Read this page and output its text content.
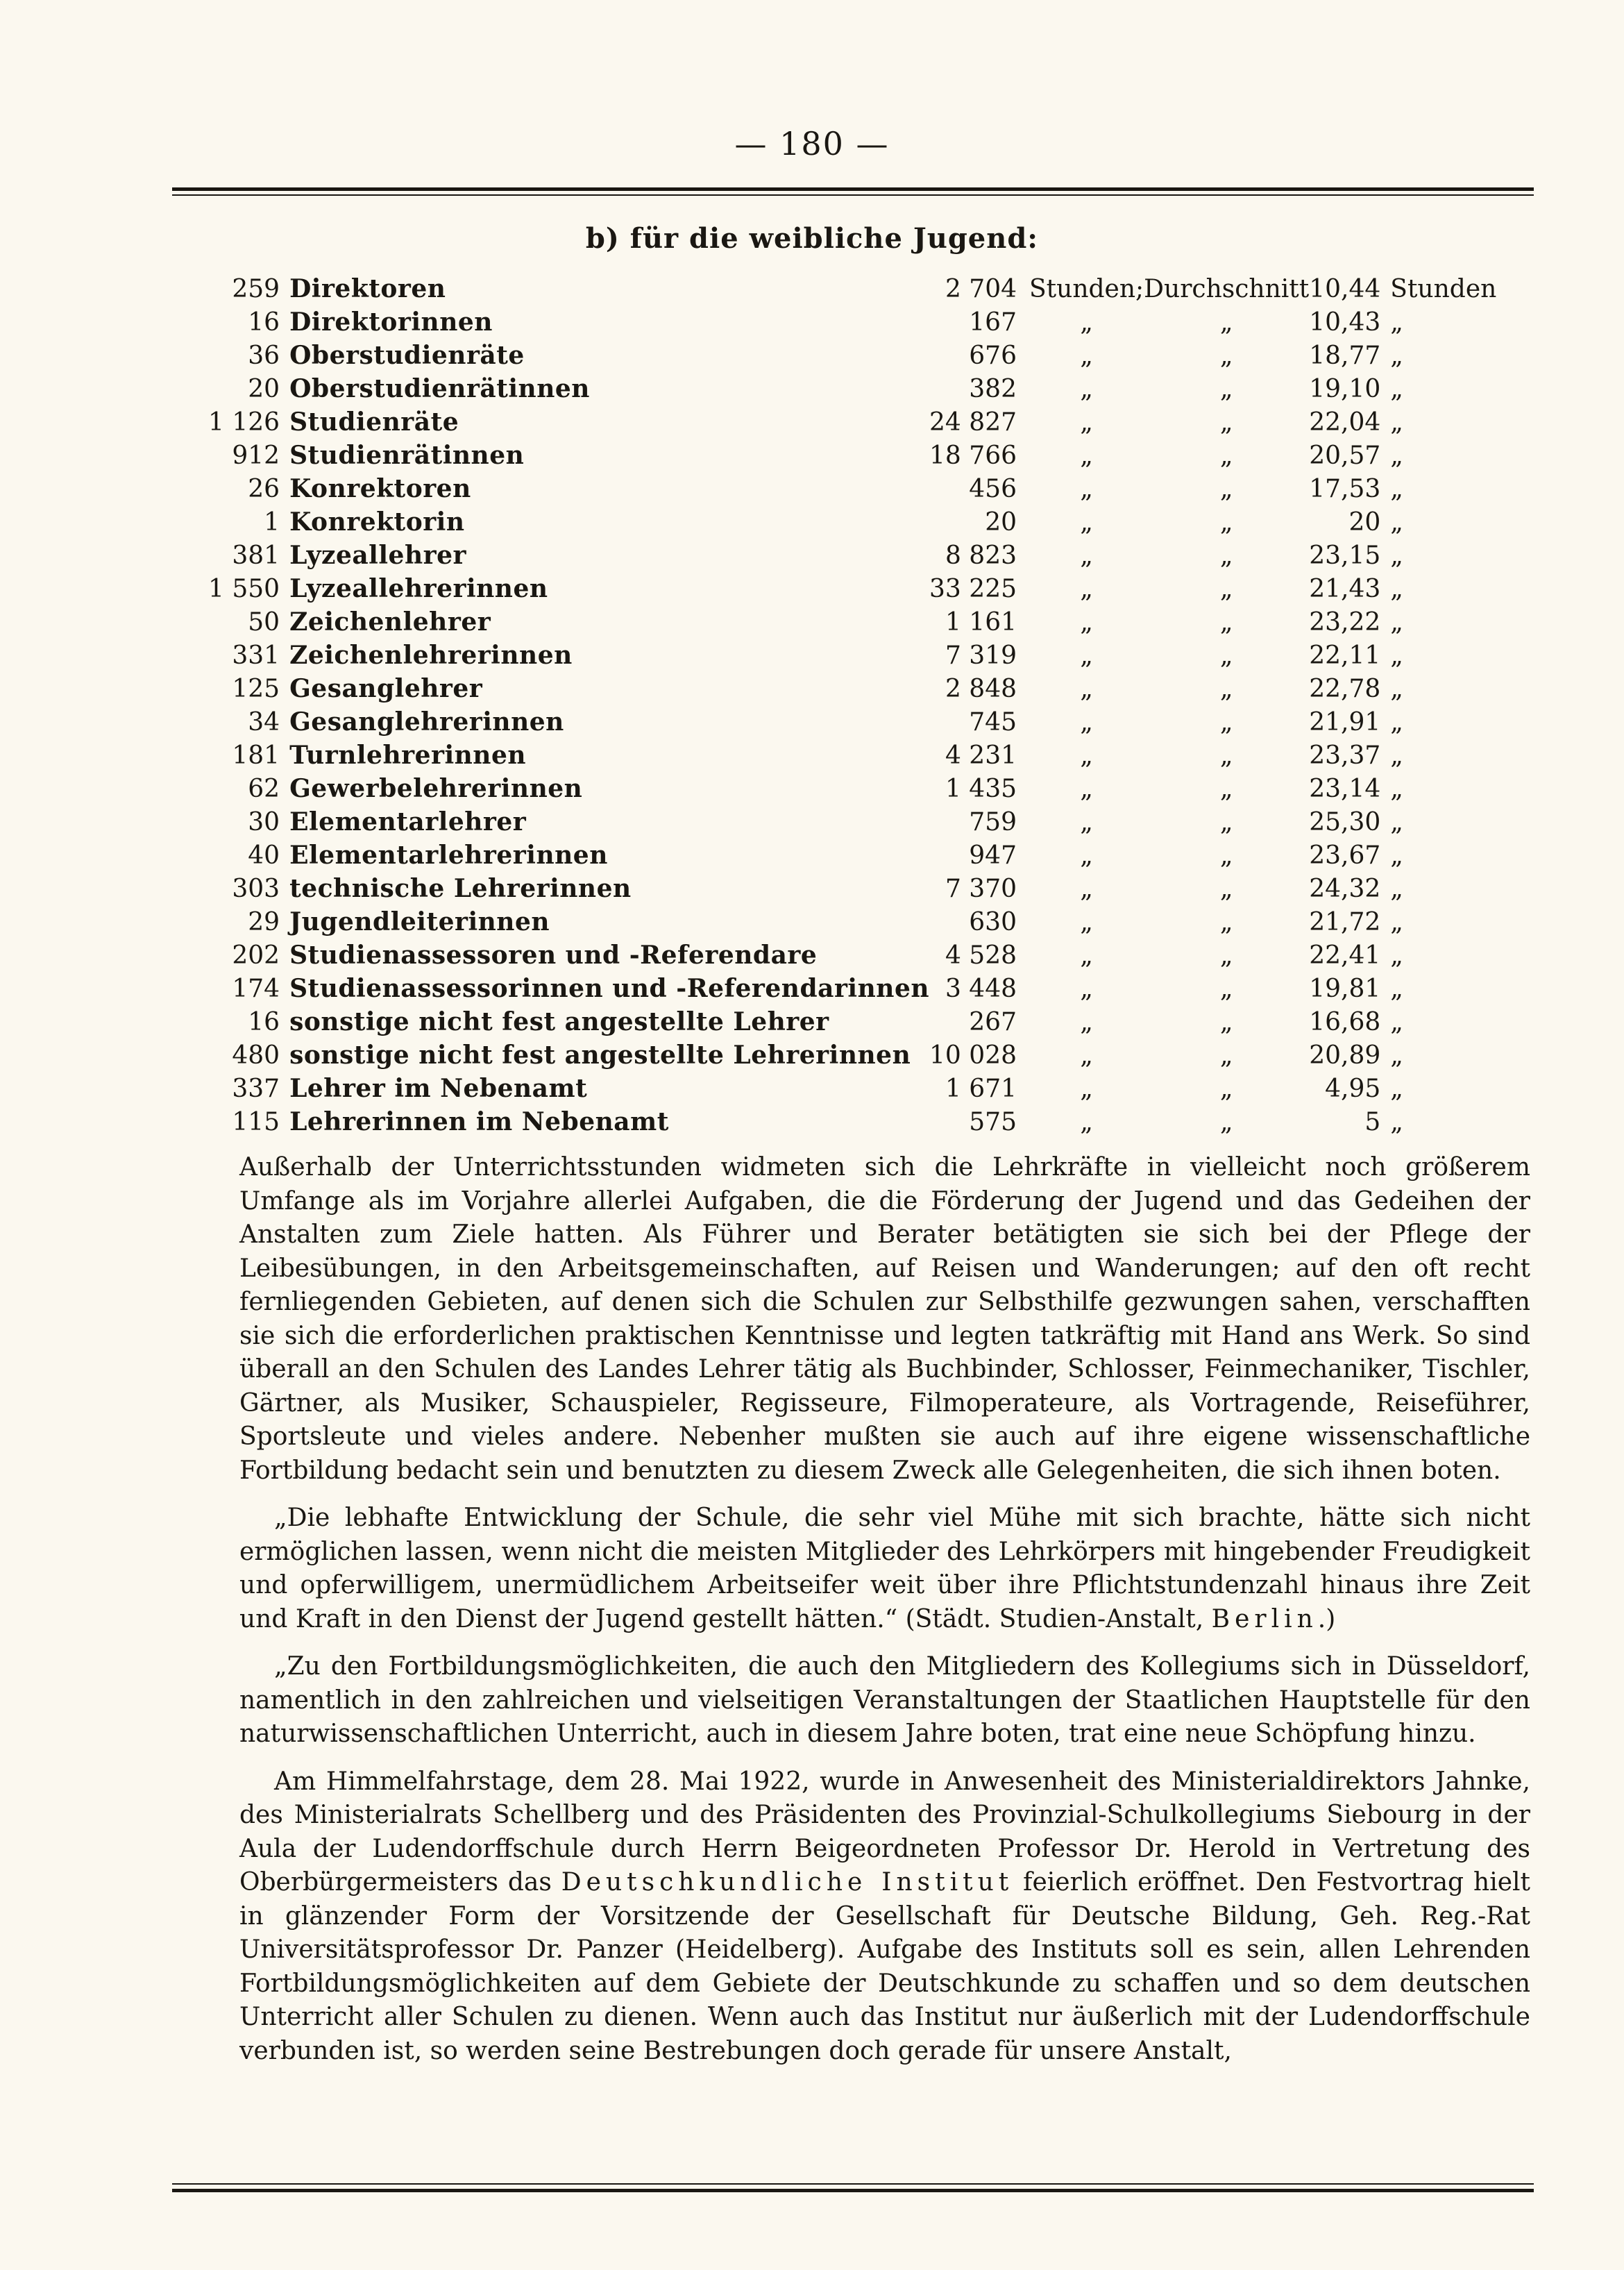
— 180 —
b) für die weibliche Jugend:
259	Direktoren	2 704	Stunden;	Durchschnitt	10,44	Stunden
16	Direktorinnen	167	„	„	10,43	„
36	Oberstudienräte	676	„	„	18,77	„
20	Oberstudienrätinnen	382	„	„	19,10	„
1 126	Studienräte	24 827	„	„	22,04	„
912	Studienrätinnen	18 766	„	„	20,57	„
26	Konrektoren	456	„	„	17,53	„
1	Konrektorin	20	„	„	20	„
381	Lyzeallehrer	8 823	„	„	23,15	„
1 550	Lyzeallehrerinnen	33 225	„	„	21,43	„
50	Zeichenlehrer	1 161	„	„	23,22	„
331	Zeichenlehrerinnen	7 319	„	„	22,11	„
125	Gesanglehrer	2 848	„	„	22,78	„
34	Gesanglehrerinnen	745	„	„	21,91	„
181	Turnlehrerinnen	4 231	„	„	23,37	„
62	Gewerbelehrerinnen	1 435	„	„	23,14	„
30	Elementarlehrer	759	„	„	25,30	„
40	Elementarlehrerinnen	947	„	„	23,67	„
303	technische Lehrerinnen	7 370	„	„	24,32	„
29	Jugendleiterinnen	630	„	„	21,72	„
202	Studienassessoren und -Referendare	4 528	„	„	22,41	„
174	Studienassessorinnen und -Referendarinnen	3 448	„	„	19,81	„
16	sonstige nicht fest angestellte Lehrer	267	„	„	16,68	„
480	sonstige nicht fest angestellte Lehrerinnen	10 028	„	„	20,89	„
337	Lehrer im Nebenamt	1 671	„	„	4,95	„
115	Lehrerinnen im Nebenamt	575	„	„	5	„

Außerhalb der Unterrichtsstunden widmeten sich die Lehrkräfte in vielleicht noch größerem Umfange als im Vorjahre allerlei Aufgaben, die die Förderung der Jugend und das Gedeihen der Anstalten zum Ziele hatten. Als Führer und Berater betätigten sie sich bei der Pflege der Leibesübungen, in den Arbeitsgemeinschaften, auf Reisen und Wanderungen; auf den oft recht fernliegenden Gebieten, auf denen sich die Schulen zur Selbsthilfe gezwungen sahen, verschafften sie sich die erforderlichen praktischen Kenntnisse und legten tatkräftig mit Hand ans Werk. So sind überall an den Schulen des Landes Lehrer tätig als Buchbinder, Schlosser, Feinmechaniker, Tischler, Gärtner, als Musiker, Schauspieler, Regisseure, Filmoperateure, als Vortragende, Reiseführer, Sportsleute und vieles andere. Nebenher mußten sie auch auf ihre eigene wissenschaftliche Fortbildung bedacht sein und benutzten zu diesem Zweck alle Gelegenheiten, die sich ihnen boten.

„Die lebhafte Entwicklung der Schule, die sehr viel Mühe mit sich brachte, hätte sich nicht ermöglichen lassen, wenn nicht die meisten Mitglieder des Lehrkörpers mit hingebender Freudigkeit und opferwilligem, unermüdlichem Arbeitseifer weit über ihre Pflichtstundenzahl hinaus ihre Zeit und Kraft in den Dienst der Jugend gestellt hätten.“ (Städt. Studien-Anstalt, Berlin.)

„Zu den Fortbildungsmöglichkeiten, die auch den Mitgliedern des Kollegiums sich in Düsseldorf, namentlich in den zahlreichen und vielseitigen Veranstaltungen der Staatlichen Hauptstelle für den naturwissenschaftlichen Unterricht, auch in diesem Jahre boten, trat eine neue Schöpfung hinzu.

Am Himmelfahrstage, dem 28. Mai 1922, wurde in Anwesenheit des Ministerialdirektors Jahnke, des Ministerialrats Schellberg und des Präsidenten des Provinzial-Schulkollegiums Siebourg in der Aula der Ludendorffschule durch Herrn Beigeordneten Professor Dr. Herold in Vertretung des Oberbürgermeisters das Deutschkundliche Institut feierlich eröffnet. Den Festvortrag hielt in glänzender Form der Vorsitzende der Gesellschaft für Deutsche Bildung, Geh. Reg.-Rat Universitätsprofessor Dr. Panzer (Heidelberg). Aufgabe des Instituts soll es sein, allen Lehrenden Fortbildungsmöglichkeiten auf dem Gebiete der Deutschkunde zu schaffen und so dem deutschen Unterricht aller Schulen zu dienen. Wenn auch das Institut nur äußerlich mit der Ludendorffschule verbunden ist, so werden seine Bestrebungen doch gerade für unsere Anstalt,
